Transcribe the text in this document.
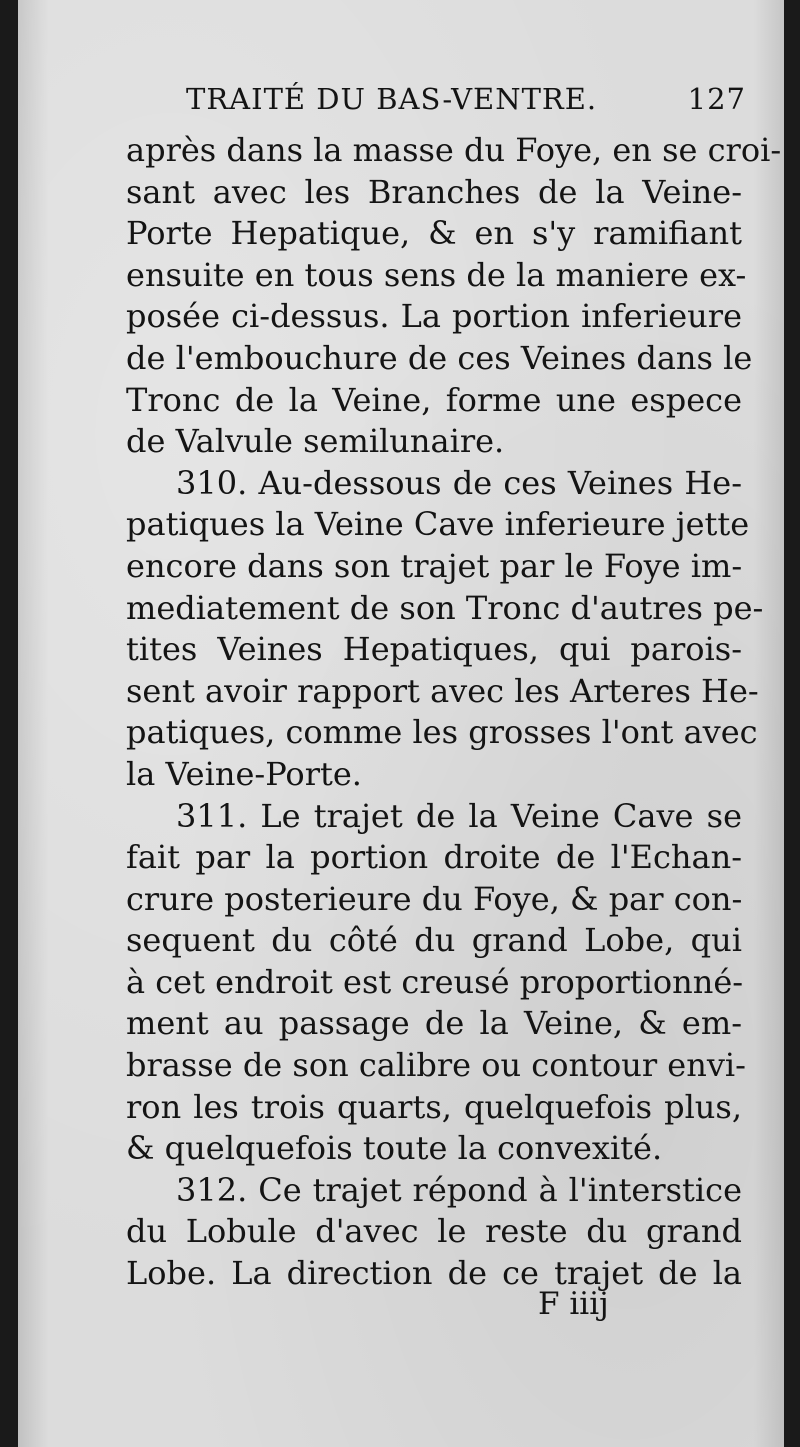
TRAITÉ DU BAS-VENTRE.	127
après dans la masse du Foye, en se croi-
sant avec les Branches de la Veine-
Porte Hepatique, & en s'y ramifiant
ensuite en tous sens de la maniere ex-
posée ci-dessus. La portion inferieure
de l'embouchure de ces Veines dans le
Tronc de la Veine, forme une espece
de Valvule semilunaire.
310. Au-dessous de ces Veines He-
patiques la Veine Cave inferieure jette
encore dans son trajet par le Foye im-
mediatement de son Tronc d'autres pe-
tites Veines Hepatiques, qui parois-
sent avoir rapport avec les Arteres He-
patiques, comme les grosses l'ont avec
la Veine-Porte.
311. Le trajet de la Veine Cave se
fait par la portion droite de l'Echan-
crure posterieure du Foye, & par con-
sequent du côté du grand Lobe, qui
à cet endroit est creusé proportionné-
ment au passage de la Veine, & em-
brasse de son calibre ou contour envi-
ron les trois quarts, quelquefois plus,
& quelquefois toute la convexité.
312. Ce trajet répond à l'interstice
du Lobule d'avec le reste du grand
Lobe. La direction de ce trajet de la
F iiij
